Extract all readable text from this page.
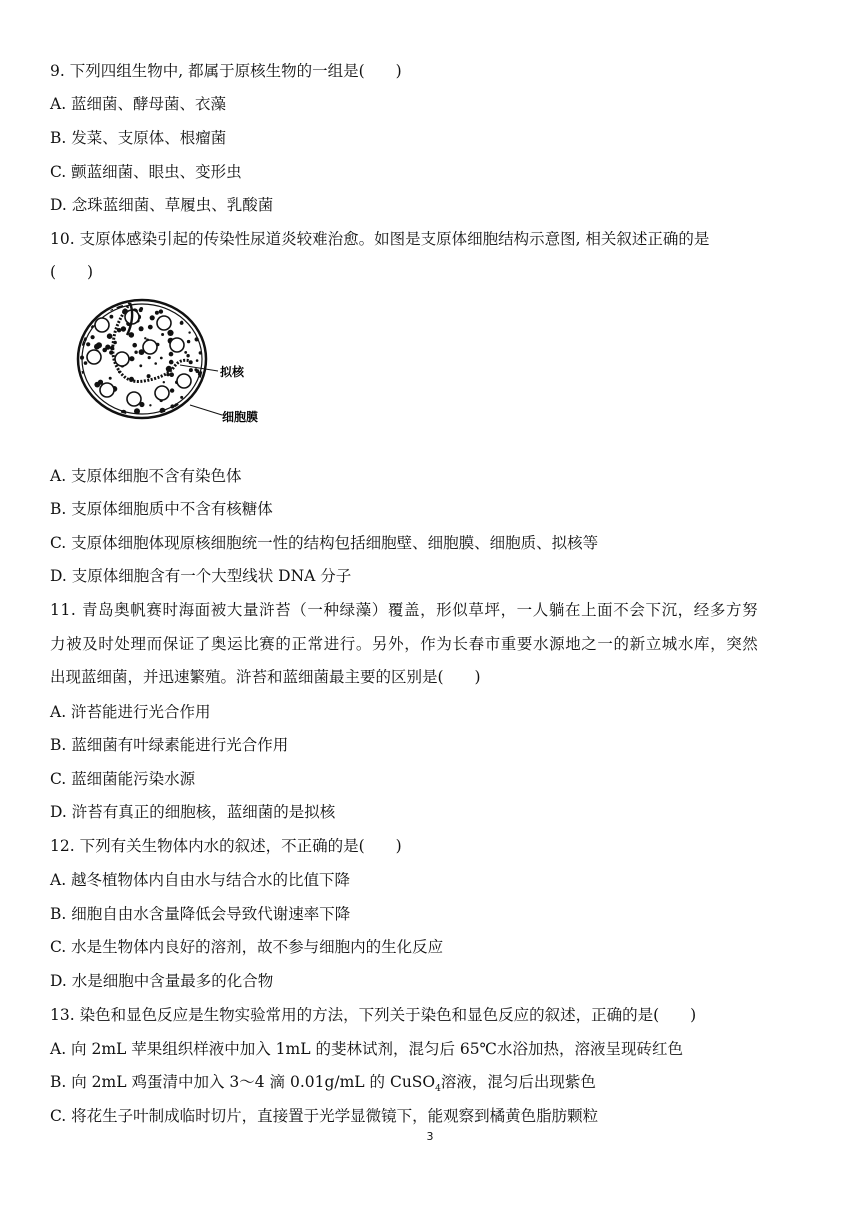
9. 下列四组生物中, 都属于原核生物的一组是(　　)
A. 蓝细菌、酵母菌、衣藻
B. 发菜、支原体、根瘤菌
C. 颤蓝细菌、眼虫、变形虫
D. 念珠蓝细菌、草履虫、乳酸菌
10. 支原体感染引起的传染性尿道炎较难治愈。如图是支原体细胞结构示意图, 相关叙述正确的是
(　　)
拟核
细胞膜
A. 支原体细胞不含有染色体
B. 支原体细胞质中不含有核糖体
C. 支原体细胞体现原核细胞统一性的结构包括细胞壁、细胞膜、细胞质、拟核等
D. 支原体细胞含有一个大型线状 DNA 分子
11. 青岛奥帆赛时海面被大量浒苔（一种绿藻）覆盖，形似草坪，一人躺在上面不会下沉，经多方努
力被及时处理而保证了奥运比赛的正常进行。另外，作为长春市重要水源地之一的新立城水库，突然
出现蓝细菌，并迅速繁殖。浒苔和蓝细菌最主要的区别是(　　)
A. 浒苔能进行光合作用
B. 蓝细菌有叶绿素能进行光合作用
C. 蓝细菌能污染水源
D. 浒苔有真正的细胞核，蓝细菌的是拟核
12. 下列有关生物体内水的叙述，不正确的是(　　)
A. 越冬植物体内自由水与结合水的比值下降
B. 细胞自由水含量降低会导致代谢速率下降
C. 水是生物体内良好的溶剂，故不参与细胞内的生化反应
D. 水是细胞中含量最多的化合物
13. 染色和显色反应是生物实验常用的方法，下列关于染色和显色反应的叙述，正确的是(　　)
A. 向 2mL 苹果组织样液中加入 1mL 的斐林试剂，混匀后 65℃水浴加热，溶液呈现砖红色
B. 向 2mL 鸡蛋清中加入 3～4 滴 0.01g/mL 的 CuSO$_4$溶液，混匀后出现紫色
C. 将花生子叶制成临时切片，直接置于光学显微镜下，能观察到橘黄色脂肪颗粒
3
